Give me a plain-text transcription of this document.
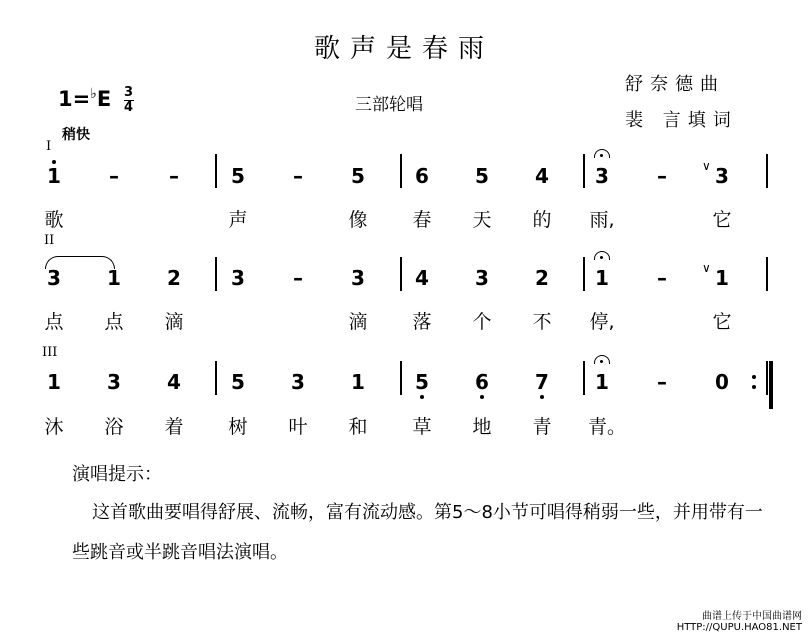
歌声是春雨
$1=^♭E \frac{3}{4}$	三部轮唱
舒奈德曲
裴 言填词
稍快
I
1 –	–	5 – 5	6 5 4 3 – 3
∨
歌	声	像 春 天 的 雨,	它
II
3 1 2	3 – 3	4 3 2 1 – 1
∨
点 点 滴	滴 落 个 不 停,	它
III
1 3 4	5 3 1	5 6 7 1 – 0
沐 浴 着 树 叶 和 草 地 青 青。
演唱提示：
这首歌曲要唱得舒展、流畅，富有流动感。第5～8小节可唱得稍弱一些，并用带有一些跳音或半跳音唱法演唱。
曲谱上传于中国曲谱网
HTTP://QUPU.HAO81.NET
